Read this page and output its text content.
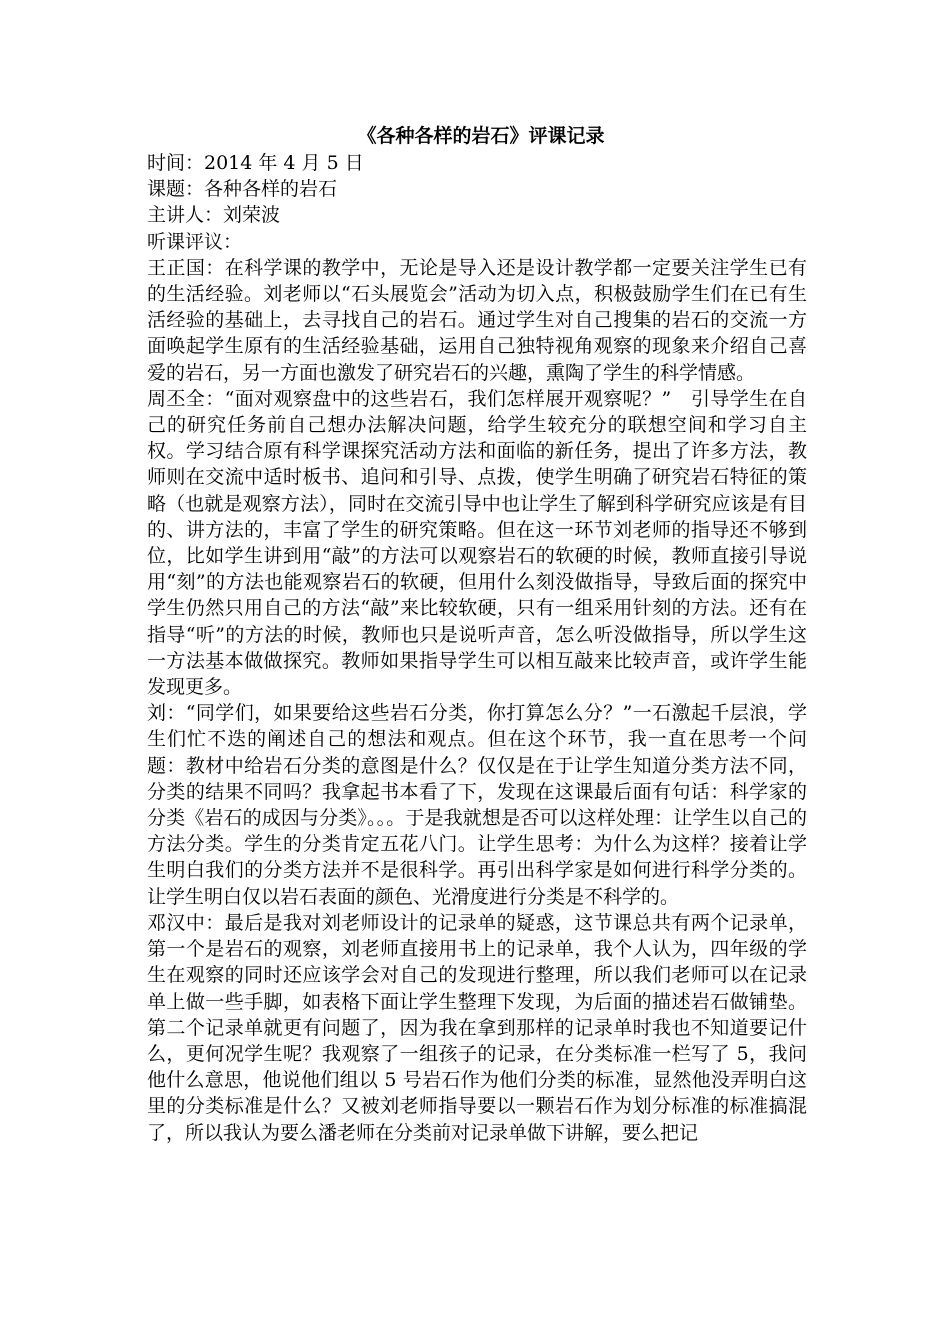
《各种各样的岩石》评课记录

时间：2014 年 4 月 5 日

课题：各种各样的岩石

主讲人：刘荣波

听课评议：

王正国：在科学课的教学中，无论是导入还是设计教学都一定要关注学生已有的生活经验。刘老师以“石头展览会”活动为切入点，积极鼓励学生们在已有生活经验的基础上，去寻找自己的岩石。通过学生对自己搜集的岩石的交流一方面唤起学生原有的生活经验基础，运用自己独特视角观察的现象来介绍自己喜爱的岩石，另一方面也激发了研究岩石的兴趣，熏陶了学生的科学情感。

周丕全：“面对观察盘中的这些岩石，我们怎样展开观察呢？”　引导学生在自己的研究任务前自己想办法解决问题，给学生较充分的联想空间和学习自主权。学习结合原有科学课探究活动方法和面临的新任务，提出了许多方法，教师则在交流中适时板书、追问和引导、点拨，使学生明确了研究岩石特征的策略（也就是观察方法），同时在交流引导中也让学生了解到科学研究应该是有目的、讲方法的，丰富了学生的研究策略。但在这一环节刘老师的指导还不够到位，比如学生讲到用“敲”的方法可以观察岩石的软硬的时候，教师直接引导说用“刻”的方法也能观察岩石的软硬，但用什么刻没做指导，导致后面的探究中学生仍然只用自己的方法“敲”来比较软硬，只有一组采用针刻的方法。还有在指导“听”的方法的时候，教师也只是说听声音，怎么听没做指导，所以学生这一方法基本做做探究。教师如果指导学生可以相互敲来比较声音，或许学生能发现更多。

刘：“同学们，如果要给这些岩石分类，你打算怎么分？”一石激起千层浪，学生们忙不迭的阐述自己的想法和观点。但在这个环节，我一直在思考一个问题：教材中给岩石分类的意图是什么？仅仅是在于让学生知道分类方法不同，分类的结果不同吗？我拿起书本看了下，发现在这课最后面有句话：科学家的分类《岩石的成因与分类》。。。于是我就想是否可以这样处理：让学生以自己的方法分类。学生的分类肯定五花八门。让学生思考：为什么为这样？接着让学生明白我们的分类方法并不是很科学。再引出科学家是如何进行科学分类的。让学生明白仅以岩石表面的颜色、光滑度进行分类是不科学的。

邓汉中：最后是我对刘老师设计的记录单的疑惑，这节课总共有两个记录单，第一个是岩石的观察，刘老师直接用书上的记录单，我个人认为，四年级的学生在观察的同时还应该学会对自己的发现进行整理，所以我们老师可以在记录单上做一些手脚，如表格下面让学生整理下发现，为后面的描述岩石做铺垫。第二个记录单就更有问题了，因为我在拿到那样的记录单时我也不知道要记什么，更何况学生呢？我观察了一组孩子的记录，在分类标准一栏写了 5，我问他什么意思，他说他们组以 5 号岩石作为他们分类的标准，显然他没弄明白这里的分类标准是什么？又被刘老师指导要以一颗岩石作为划分标准的标准搞混了，所以我认为要么潘老师在分类前对记录单做下讲解，要么把记
